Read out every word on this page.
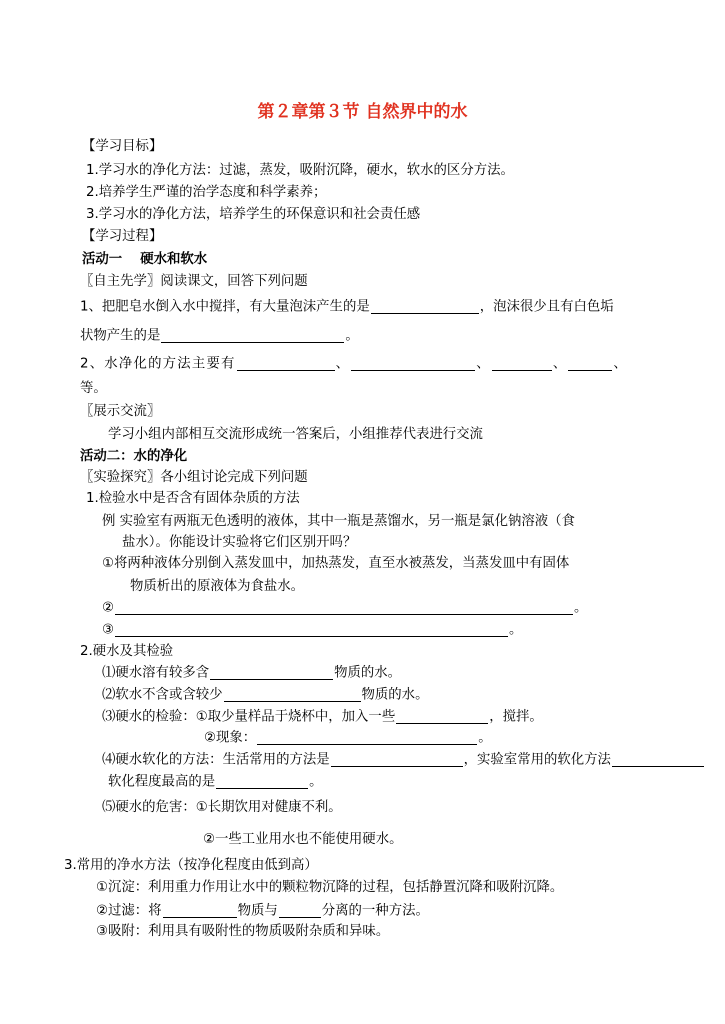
第２章第３节 自然界中的水
【学习目标】
1.学习水的净化方法：过滤，蒸发，吸附沉降，硬水，软水的区分方法。
2.培养学生严谨的治学态度和科学素养；
3.学习水的净化方法，培养学生的环保意识和社会责任感
【学习过程】
活动一　 硬水和软水
〖自主先学〗阅读课文，回答下列问题
1、把肥皂水倒入水中搅拌，有大量泡沫产生的是	，泡沫很少且有白色垢
状物产生的是	。
2、水净化的方法主要有	、	、	、	、
等。
〖展示交流〗
学习小组内部相互交流形成统一答案后，小组推荐代表进行交流
活动二：水的净化
〖实验探究〗各小组讨论完成下列问题
1.检验水中是否含有固体杂质的方法
例 实验室有两瓶无色透明的液体，其中一瓶是蒸馏水，另一瓶是氯化钠溶液（食
盐水）。你能设计实验将它们区别开吗？
①将两种液体分别倒入蒸发皿中，加热蒸发，直至水被蒸发，当蒸发皿中有固体
物质析出的原液体为食盐水。
②	。
③	。
2.硬水及其检验
⑴硬水溶有较多含	物质的水。
⑵软水不含或含较少	物质的水。
⑶硬水的检验：①取少量样品于烧杯中，加入一些	，搅拌。
②现象：	。
⑷硬水软化的方法：生活常用的方法是	，实验室常用的软化方法
软化程度最高的是	。
⑸硬水的危害：①长期饮用对健康不利。
②一些工业用水也不能使用硬水。
3.常用的净水方法（按净化程度由低到高）
①沉淀：利用重力作用让水中的颗粒物沉降的过程，包括静置沉降和吸附沉降。
②过滤：将	物质与	分离的一种方法。
③吸附：利用具有吸附性的物质吸附杂质和异味。
